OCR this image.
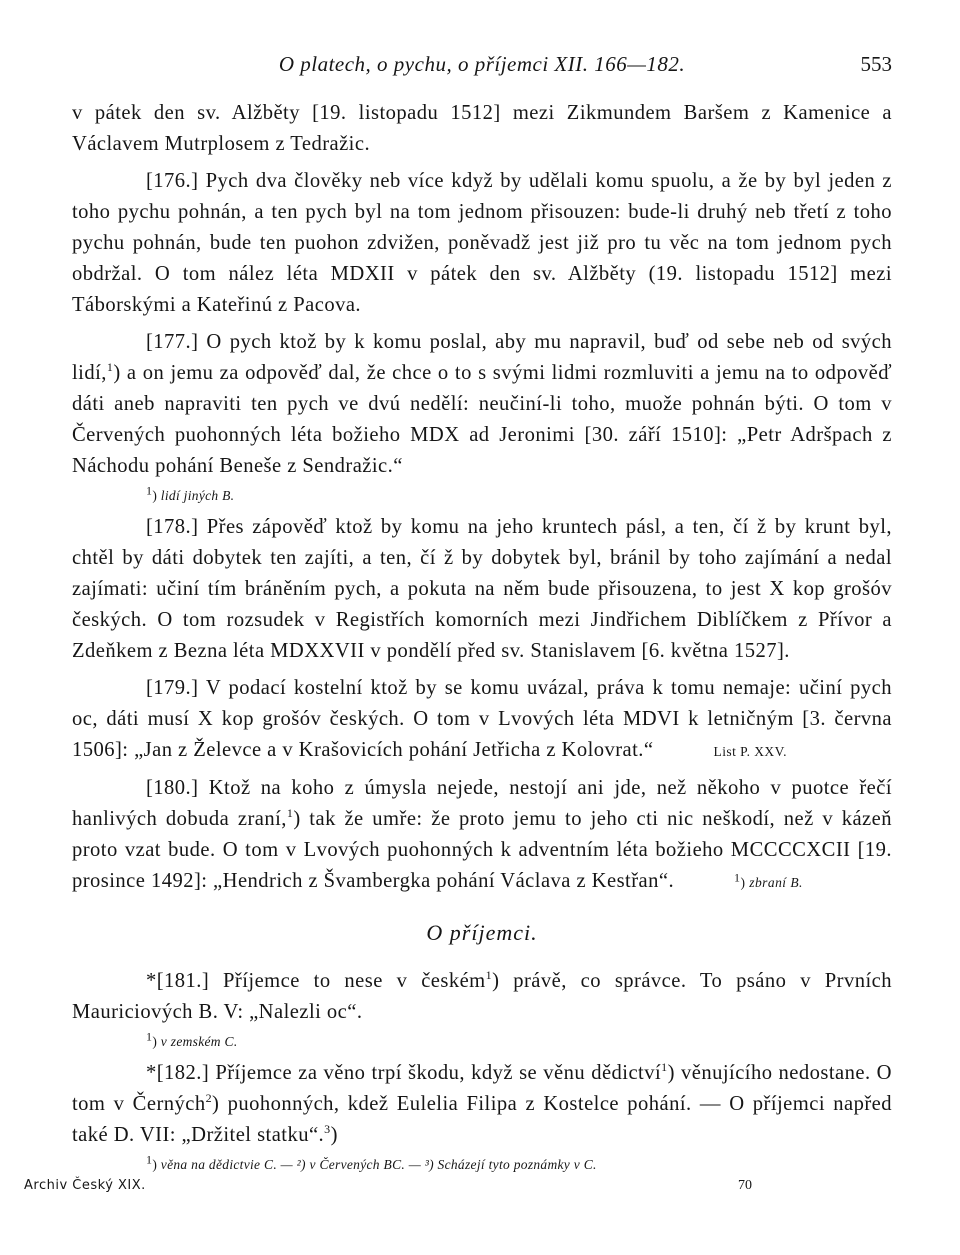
O platech, o pychu, o příjemci XII. 166—182.	553

v pátek den sv. Alžběty [19. listopadu 1512] mezi Zikmundem Baršem z Kamenice a Václavem Mutrplosem z Tedražic.

[176.] Pych dva člověky neb více když by udělali komu spuolu, a že by byl jeden z toho pychu pohnán, a ten pych byl na tom jednom přisouzen: bude-li druhý neb třetí z toho pychu pohnán, bude ten puohon zdvižen, poněvadž jest již pro tu věc na tom jednom pych obdržal. O tom nález léta MDXII v pátek den sv. Alžběty (19. listopadu 1512] mezi Táborskými a Kateřinú z Pacova.

[177.] O pych ktož by k komu poslal, aby mu napravil, buď od sebe neb od svých lidí,$^1$) a on jemu za odpověď dal, že chce o to s svými lidmi rozmluviti a jemu na to odpověď dáti aneb napraviti ten pych ve dvú nedělí: neučiní-li toho, muože pohnán býti. O tom v Červených puohonných léta božieho MDX ad Jeronimi [30. září 1510]: „Petr Adršpach z Náchodu pohání Beneše z Sendražic.“

$^1$) lidí jiných B.

[178.] Přes zápověď ktož by komu na jeho kruntech pásl, a ten, čí ž by krunt byl, chtěl by dáti dobytek ten zajíti, a ten, čí ž by dobytek byl, bránil by toho zajímání a nedal zajímati: učiní tím bráněním pych, a pokuta na něm bude přisouzena, to jest X kop grošóv českých. O tom rozsudek v Registřích komorních mezi Jindřichem Diblíčkem z Přívor a Zdeňkem z Bezna léta MDXXVII v pondělí před sv. Stanislavem [6. května 1527].

[179.] V podací kostelní ktož by se komu uvázal, práva k tomu nemaje: učiní pych oc, dáti musí X kop grošóv českých. O tom v Lvových léta MDVI k letničným [3. června 1506]: „Jan z Želevce a v Krašovicích pohání Jetřicha z Kolovrat.“	List P. XXV.

[180.] Ktož na koho z úmysla nejede, nestojí ani jde, než někoho v puotce řečí hanlivých dobuda zraní,$^1$) tak že umře: že proto jemu to jeho cti nic neškodí, než v kázeň proto vzat bude. O tom v Lvových puohonných k adventním léta božieho MCCCCXCII [19. prosince 1492]: „Hendrich z Švambergka pohání Václava z Kestřan“.	$^1$) zbraní B.

O příjemci.

*[181.] Příjemce to nese v českém$^1$) právě, co správce. To psáno v Prvních Mauriciových B. V: „Nalezli oc“.

$^1$) v zemském C.

*[182.] Příjemce za věno trpí škodu, když se věnu dědictví$^1$) věnujícího nedostane. O tom v Černých$^2$) puohonných, kdež Eulelia Filipa z Kostelce pohání. — O příjemci napřed také D. VII: „Držitel statku“.$^3$)

$^1$) věna na dědictvie C. — ²) v Červených BC. — ³) Scházejí tyto poznámky v C.
Archiv Český XIX.	70
